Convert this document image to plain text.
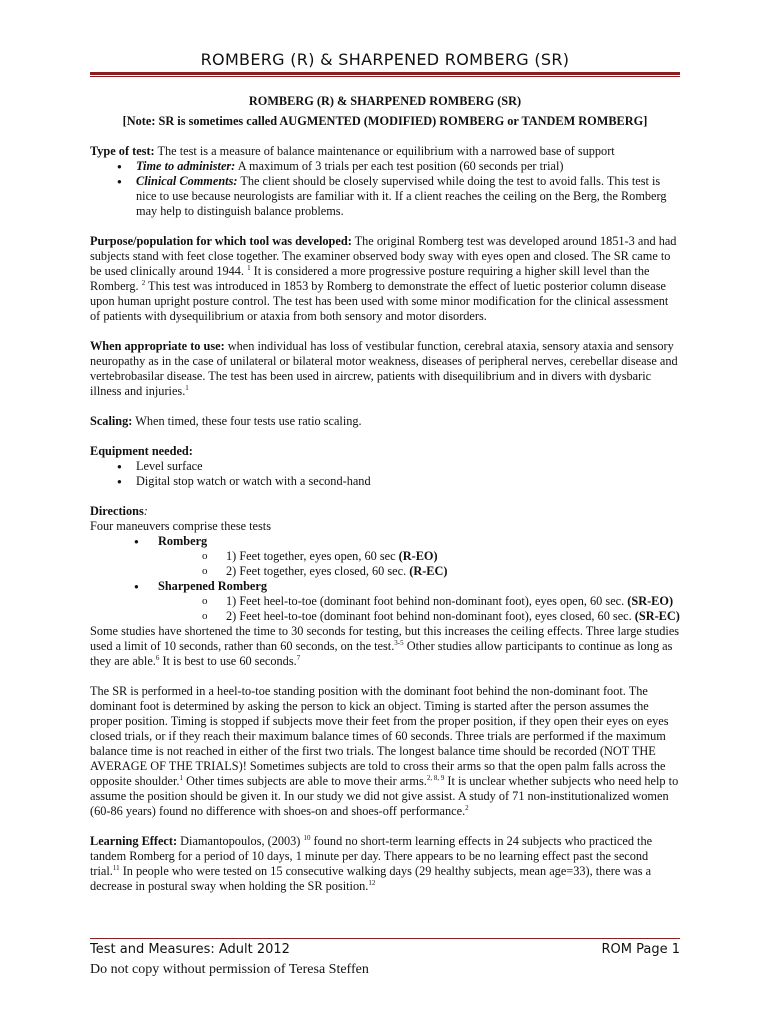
ROMBERG (R) & SHARPENED ROMBERG (SR)
ROMBERG (R) & SHARPENED ROMBERG (SR)
[Note: SR is sometimes called AUGMENTED (MODIFIED) ROMBERG or TANDEM ROMBERG]
Type of test: The test is a measure of balance maintenance or equilibrium with a narrowed base of support
● Time to administer: A maximum of 3 trials per each test position (60 seconds per trial)
● Clinical Comments: The client should be closely supervised while doing the test to avoid falls. This test is nice to use because neurologists are familiar with it. If a client reaches the ceiling on the Berg, the Romberg may help to distinguish balance problems.

Purpose/population for which tool was developed: The original Romberg test was developed around 1851-3 and had subjects stand with feet close together. The examiner observed body sway with eyes open and closed. The SR came to be used clinically around 1944. $^1$ It is considered a more progressive posture requiring a higher skill level than the Romberg. $^2$ This test was introduced in 1853 by Romberg to demonstrate the effect of luetic posterior column disease upon human upright posture control. The test has been used with some minor modification for the clinical assessment of patients with dysequilibrium or ataxia from both sensory and motor disorders.

When appropriate to use: when individual has loss of vestibular function, cerebral ataxia, sensory ataxia and sensory neuropathy as in the case of unilateral or bilateral motor weakness, diseases of peripheral nerves, cerebellar disease and vertebrobasilar disease. The test has been used in aircrew, patients with disequilibrium and in divers with dysbaric illness and injuries.$^1$

Scaling: When timed, these four tests use ratio scaling.

Equipment needed:
● Level surface
● Digital stop watch or watch with a second-hand
Directions:
Four maneuvers comprise these tests
● Romberg
o 1) Feet together, eyes open, 60 sec (R-EO)
o 2) Feet together, eyes closed, 60 sec. (R-EC)
● Sharpened Romberg
o 1) Feet heel-to-toe (dominant foot behind non-dominant foot), eyes open, 60 sec. (SR-EO)
o 2) Feet heel-to-toe (dominant foot behind non-dominant foot), eyes closed, 60 sec. (SR-EC)

Some studies have shortened the time to 30 seconds for testing, but this increases the ceiling effects. Three large studies used a limit of 10 seconds, rather than 60 seconds, on the test.$^{3-5}$ Other studies allow participants to continue as long as they are able.$^6$ It is best to use 60 seconds.$^7$

The SR is performed in a heel-to-toe standing position with the dominant foot behind the non-dominant foot. The dominant foot is determined by asking the person to kick an object. Timing is started after the person assumes the proper position. Timing is stopped if subjects move their feet from the proper position, if they open their eyes on eyes closed trials, or if they reach their maximum balance times of 60 seconds. Three trials are performed if the maximum balance time is not reached in either of the first two trials. The longest balance time should be recorded (NOT THE AVERAGE OF THE TRIALS)! Sometimes subjects are told to cross their arms so that the open palm falls across the opposite shoulder.$^1$ Other times subjects are able to move their arms.$^{2, 8, 9}$ It is unclear whether subjects who need help to assume the position should be given it. In our study we did not give assist. A study of 71 non-institutionalized women (60-86 years) found no difference with shoes-on and shoes-off performance.$^2$

Learning Effect: Diamantopoulos, (2003) $^{10}$ found no short-term learning effects in 24 subjects who practiced the tandem Romberg for a period of 10 days, 1 minute per day. There appears to be no learning effect past the second trial.$^{11}$ In people who were tested on 15 consecutive walking days (29 healthy subjects, mean age=33), there was a decrease in postural sway when holding the SR position.$^{12}$

Test and Measures: Adult 2012	ROM Page 1
Do not copy without permission of Teresa Steffen
